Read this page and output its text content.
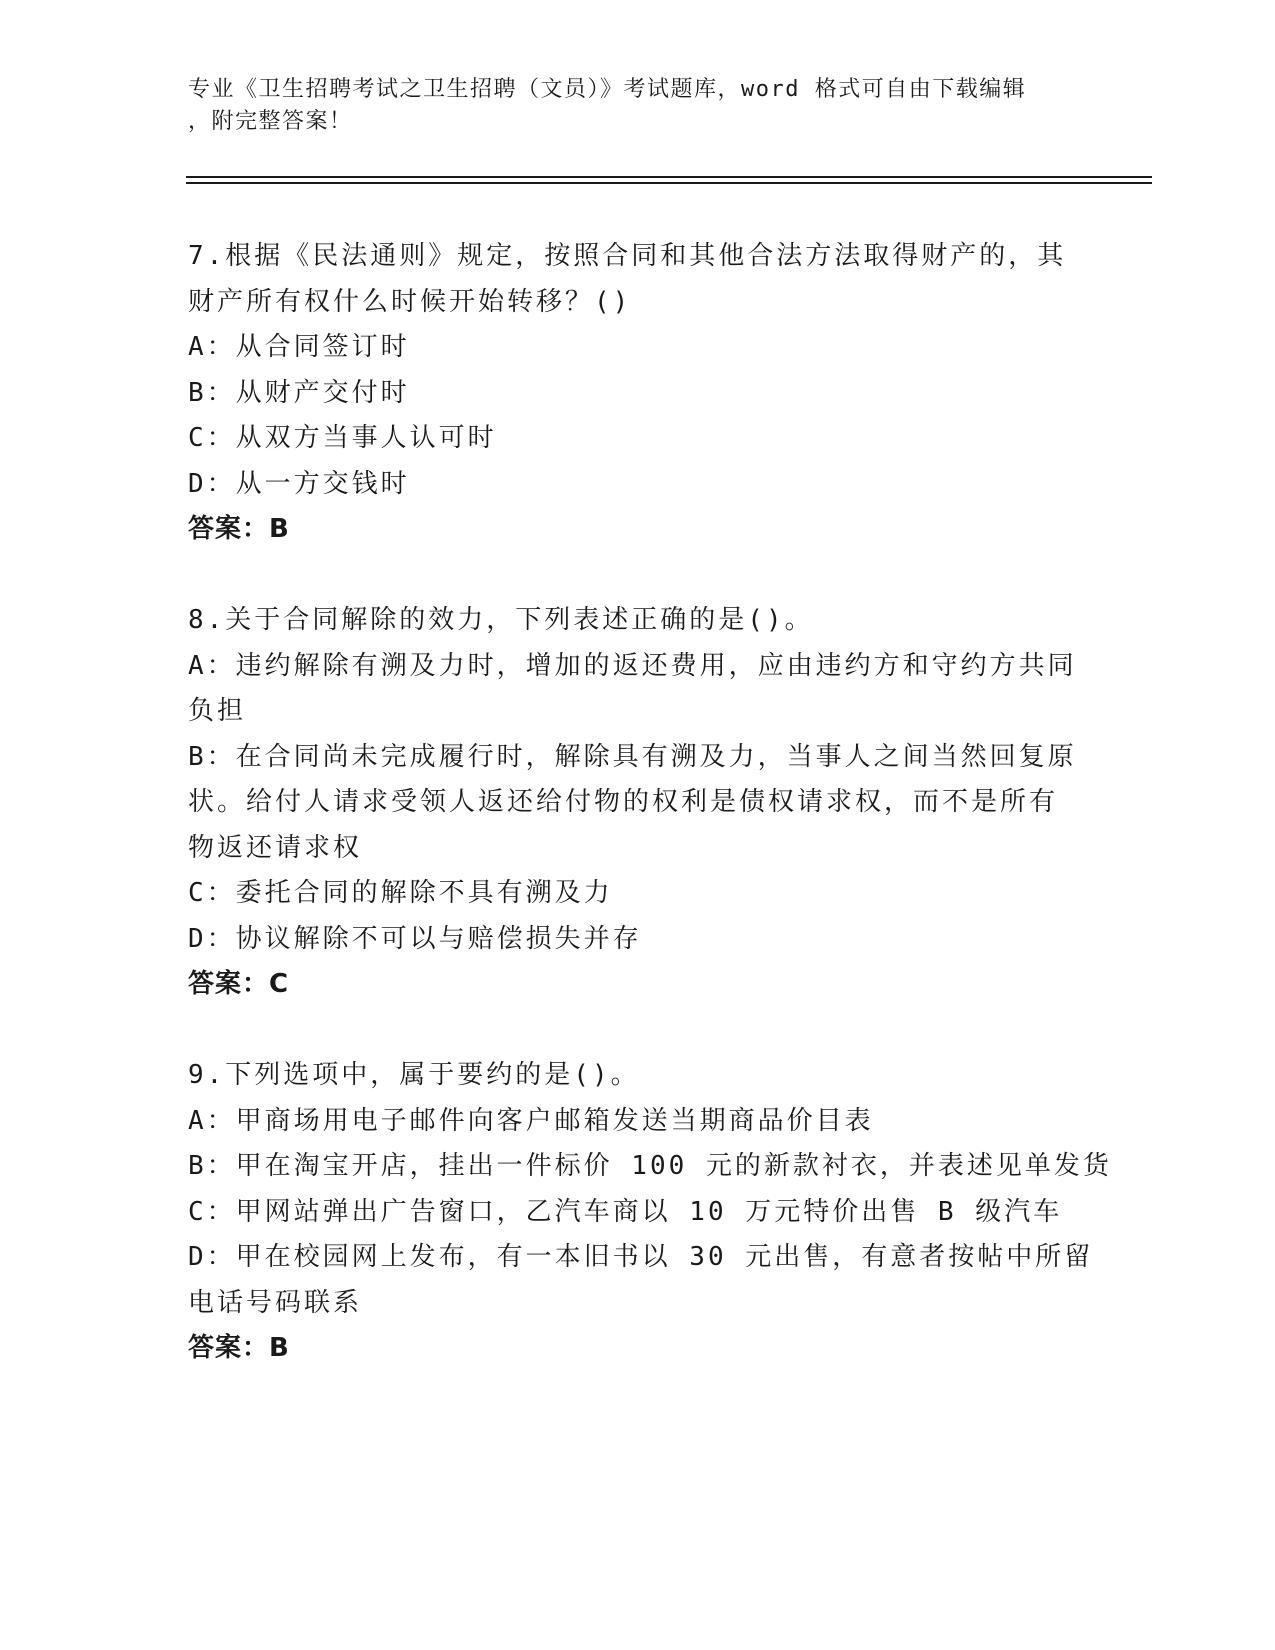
专业《卫生招聘考试之卫生招聘（文员）》考试题库，word 格式可自由下载编辑
，附完整答案！
7.根据《民法通则》规定，按照合同和其他合法方法取得财产的，其
财产所有权什么时候开始转移？()
A：从合同签订时
B：从财产交付时
C：从双方当事人认可时
D：从一方交钱时
答案：B
8.关于合同解除的效力，下列表述正确的是()。
A：违约解除有溯及力时，增加的返还费用，应由违约方和守约方共同
负担
B：在合同尚未完成履行时，解除具有溯及力，当事人之间当然回复原
状。给付人请求受领人返还给付物的权利是债权请求权，而不是所有
物返还请求权
C：委托合同的解除不具有溯及力
D：协议解除不可以与赔偿损失并存
答案：C
9.下列选项中，属于要约的是()。
A：甲商场用电子邮件向客户邮箱发送当期商品价目表
B：甲在淘宝开店，挂出一件标价 100 元的新款衬衣，并表述见单发货
C：甲网站弹出广告窗口，乙汽车商以 10 万元特价出售 B 级汽车
D：甲在校园网上发布，有一本旧书以 30 元出售，有意者按帖中所留
电话号码联系
答案：B
